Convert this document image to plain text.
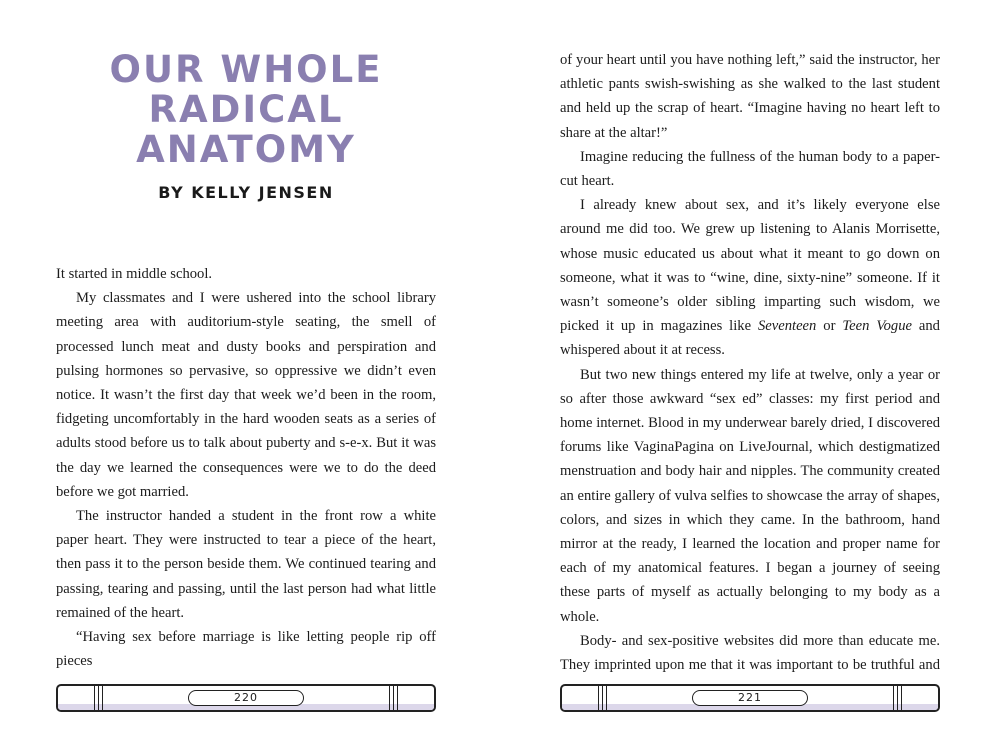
OUR WHOLE
RADICAL
ANATOMY
BY KELLY JENSEN

It started in middle school.

My classmates and I were ushered into the school library meeting area with auditorium-style seating, the smell of processed lunch meat and dusty books and perspiration and pulsing hormones so pervasive, so oppressive we didn’t even notice. It wasn’t the first day that week we’d been in the room, fidgeting uncomfortably in the hard wooden seats as a series of adults stood before us to talk about puberty and s-e-x. But it was the day we learned the consequences were we to do the deed before we got married.

The instructor handed a student in the front row a white paper heart. They were instructed to tear a piece of the heart, then pass it to the person beside them. We continued tearing and passing, tearing and passing, until the last person had what little remained of the heart.

“Having sex before marriage is like letting people rip off pieces

220

of your heart until you have nothing left,” said the instructor, her athletic pants swish-swishing as she walked to the last student and held up the scrap of heart. “Imagine having no heart left to share at the altar!”

Imagine reducing the fullness of the human body to a paper-cut heart.

I already knew about sex, and it’s likely everyone else around me did too. We grew up listening to Alanis Morrisette, whose music educated us about what it meant to go down on someone, what it was to “wine, dine, sixty-nine” someone. If it wasn’t someone’s older sibling imparting such wisdom, we picked it up in magazines like Seventeen or Teen Vogue and whispered about it at recess.

But two new things entered my life at twelve, only a year or so after those awkward “sex ed” classes: my first period and home internet. Blood in my underwear barely dried, I discovered forums like VaginaPagina on LiveJournal, which destigmatized menstruation and body hair and nipples. The community created an entire gallery of vulva selfies to showcase the array of shapes, colors, and sizes in which they came. In the bathroom, hand mirror at the ready, I learned the location and proper name for each of my anatomical features. I began a journey of seeing these parts of myself as actually belonging to my body as a whole.

Body- and sex-positive websites did more than educate me. They imprinted upon me that it was important to be truthful and

221
